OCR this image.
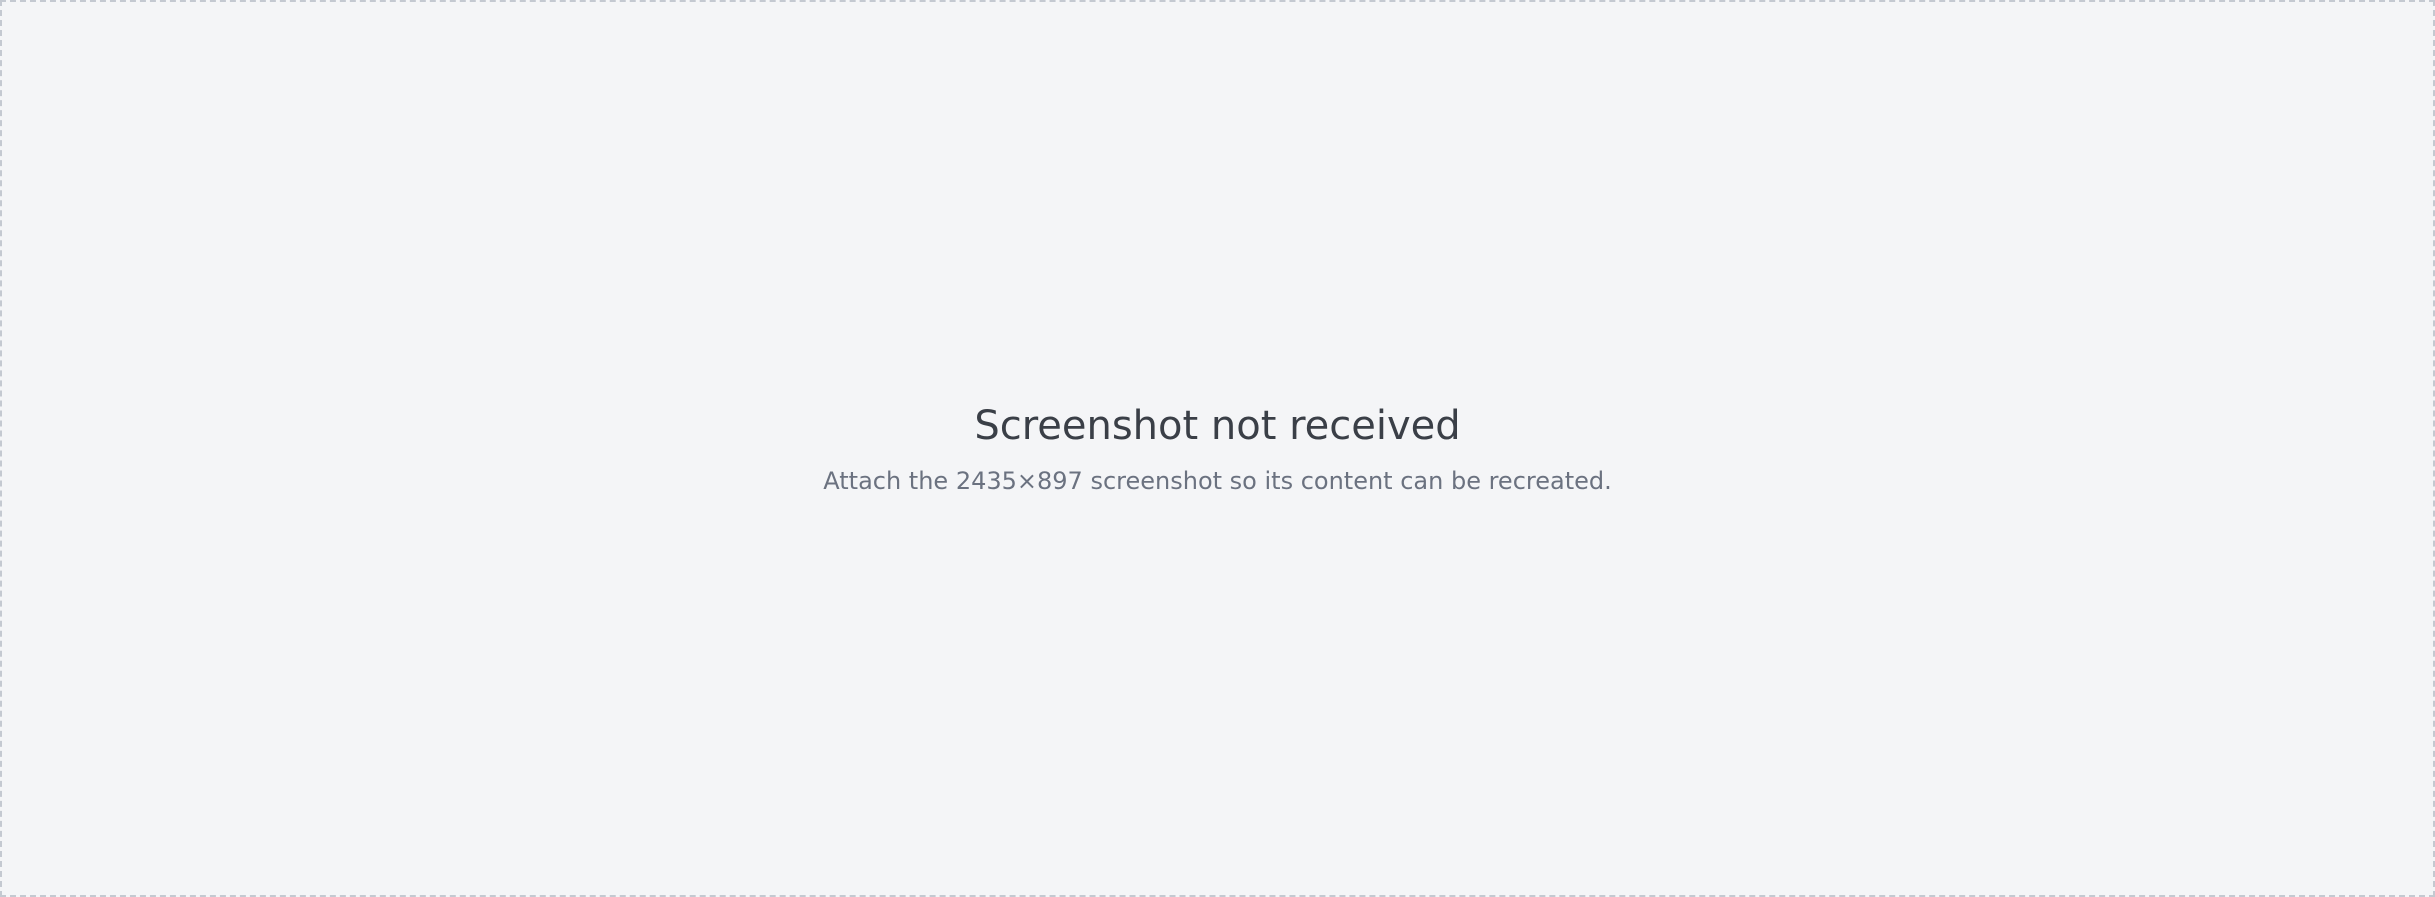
Screenshot not received

Attach the 2435×897 screenshot so its content can be recreated.
